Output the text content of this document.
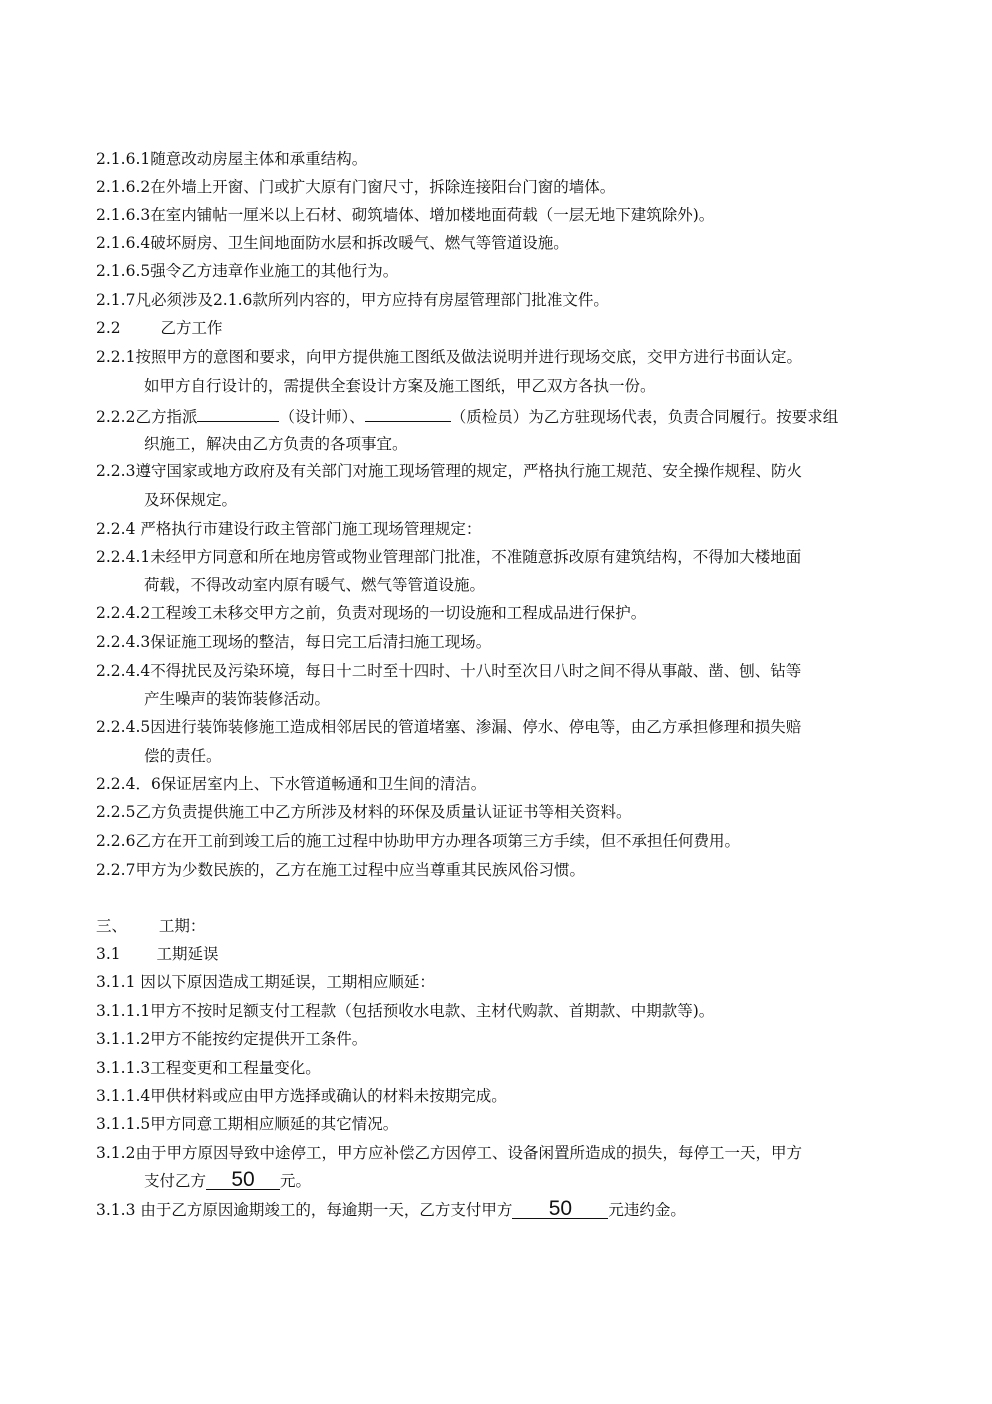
2.1.6.1随意改动房屋主体和承重结构。
2.1.6.2在外墙上开窗、门或扩大原有门窗尺寸，拆除连接阳台门窗的墙体。
2.1.6.3在室内铺帖一厘米以上石材、砌筑墙体、增加楼地面荷载（一层无地下建筑除外)。
2.1.6.4破坏厨房、卫生间地面防水层和拆改暖气、燃气等管道设施。
2.1.6.5强令乙方违章作业施工的其他行为。
2.1.7凡必须涉及2.1.6款所列内容的，甲方应持有房屋管理部门批准文件。
2.2	乙方工作
2.2.1按照甲方的意图和要求，向甲方提供施工图纸及做法说明并进行现场交底，交甲方进行书面认定。
如甲方自行设计的，需提供全套设计方案及施工图纸，甲乙双方各执一份。
2.2.2乙方指派	（设计师）、	（质检员）为乙方驻现场代表，负责合同履行。按要求组
织施工，解决由乙方负责的各项事宜。
2.2.3遵守国家或地方政府及有关部门对施工现场管理的规定，严格执行施工规范、安全操作规程、防火
及环保规定。
2.2.4 严格执行市建设行政主管部门施工现场管理规定：
2.2.4.1未经甲方同意和所在地房管或物业管理部门批准，不准随意拆改原有建筑结构，不得加大楼地面
荷载，不得改动室内原有暖气、燃气等管道设施。
2.2.4.2工程竣工未移交甲方之前，负责对现场的一切设施和工程成品进行保护。
2.2.4.3保证施工现场的整洁，每日完工后清扫施工现场。
2.2.4.4不得扰民及污染环境，每日十二时至十四时、十八时至次日八时之间不得从事敲、凿、刨、钻等
产生噪声的装饰装修活动。
2.2.4.5因进行装饰装修施工造成相邻居民的管道堵塞、渗漏、停水、停电等，由乙方承担修理和损失赔
偿的责任。
2.2.4．6保证居室内上、下水管道畅通和卫生间的清洁。
2.2.5乙方负责提供施工中乙方所涉及材料的环保及质量认证证书等相关资料。
2.2.6乙方在开工前到竣工后的施工过程中协助甲方办理各项第三方手续，但不承担任何费用。
2.2.7甲方为少数民族的，乙方在施工过程中应当尊重其民族风俗习惯。
三、 工期：
3.1 工期延误
3.1.1 因以下原因造成工期延误，工期相应顺延：
3.1.1.1甲方不按时足额支付工程款（包括预收水电款、主材代购款、首期款、中期款等)。
3.1.1.2甲方不能按约定提供开工条件。
3.1.1.3工程变更和工程量变化。
3.1.1.4甲供材料或应由甲方选择或确认的材料未按期完成。
3.1.1.5甲方同意工期相应顺延的其它情况。
3.1.2由于甲方原因导致中途停工，甲方应补偿乙方因停工、设备闲置所造成的损失，每停工一天，甲方
支付乙方 50 元。
3.1.3 由于乙方原因逾期竣工的，每逾期一天，乙方支付甲方 50 元违约金。
